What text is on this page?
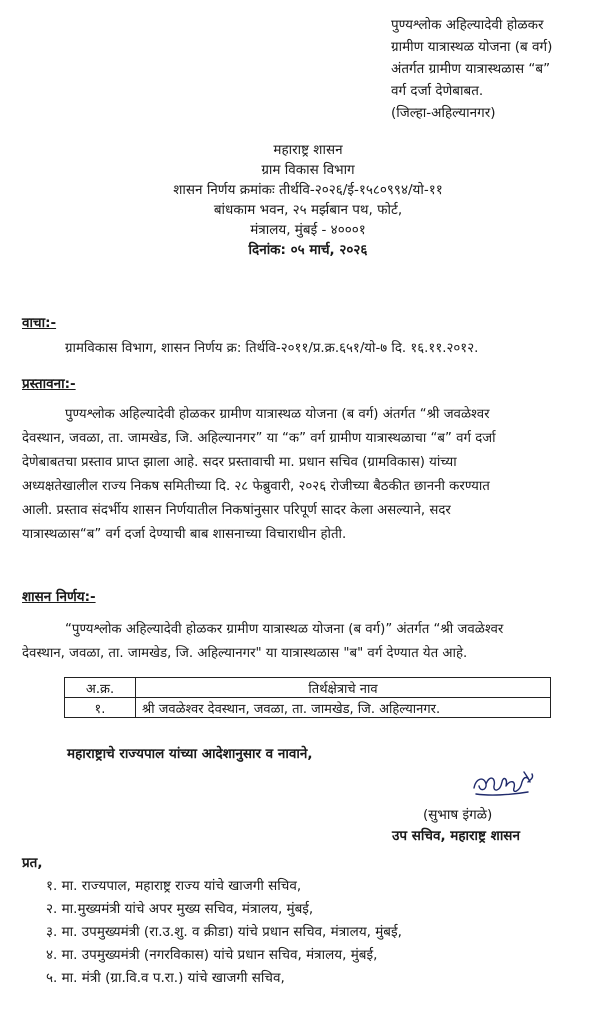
पुण्यश्लोक अहिल्यादेवी होळकर
ग्रामीण यात्रास्थळ योजना (ब वर्ग)
अंतर्गत ग्रामीण यात्रास्थळास “ब”
वर्ग दर्जा देणेबाबत.
(जिल्हा-अहिल्यानगर)
महाराष्ट्र शासन
ग्राम विकास विभाग
शासन निर्णय क्रमांकः तीर्थवि-२०२६/ई-१५८०९९४/यो-११
बांधकाम भवन, २५ मर्झबान पथ, फोर्ट,
मंत्रालय, मुंबई - ४०००१
दिनांक: ०५ मार्च, २०२६
वाचा:-
ग्रामविकास विभाग, शासन निर्णय क्र: तिर्थवि-२०११/प्र.क्र.६५१/यो-७ दि. १६.११.२०१२.
प्रस्तावना:-
पुण्यश्लोक अहिल्यादेवी होळकर ग्रामीण यात्रास्थळ योजना (ब वर्ग) अंतर्गत “श्री जवळेश्वर
देवस्थान, जवळा, ता. जामखेड, जि. अहिल्यानगर” या “क” वर्ग ग्रामीण यात्रास्थळाचा “ब” वर्ग दर्जा
देणेबाबतचा प्रस्ताव प्राप्त झाला आहे. सदर प्रस्तावाची मा. प्रधान सचिव (ग्रामविकास) यांच्या
अध्यक्षतेखालील राज्य निकष समितीच्या दि. २८ फेब्रुवारी, २०२६ रोजीच्या बैठकीत छाननी करण्यात
आली. प्रस्ताव संदर्भीय शासन निर्णयातील निकषांनुसार परिपूर्ण सादर केला असल्याने, सदर
यात्रास्थळास“ब” वर्ग दर्जा देण्याची बाब शासनाच्या विचाराधीन होती.
शासन निर्णय:-
“पुण्यश्लोक अहिल्यादेवी होळकर ग्रामीण यात्रास्थळ योजना (ब वर्ग)” अंतर्गत “श्री जवळेश्वर
देवस्थान, जवळा, ता. जामखेड, जि. अहिल्यानगर" या यात्रास्थळास "ब" वर्ग देण्यात येत आहे.
अ.क्र.	तिर्थक्षेत्राचे नाव
१.	श्री जवळेश्वर देवस्थान, जवळा, ता. जामखेड, जि. अहिल्यानगर.
महाराष्ट्राचे राज्यपाल यांच्या आदेशानुसार व नावाने,
(सुभाष इंगळे)
उप सचिव, महाराष्ट्र शासन
प्रत,
१. मा. राज्यपाल, महाराष्ट्र राज्य यांचे खाजगी सचिव,
२. मा.मुख्यमंत्री यांचे अपर मुख्य सचिव, मंत्रालय, मुंबई,
३. मा. उपमुख्यमंत्री (रा.उ.शु. व क्रीडा) यांचे प्रधान सचिव, मंत्रालय, मुंबई,
४. मा. उपमुख्यमंत्री (नगरविकास) यांचे प्रधान सचिव, मंत्रालय, मुंबई,
५. मा. मंत्री (ग्रा.वि.व प.रा.) यांचे खाजगी सचिव,
